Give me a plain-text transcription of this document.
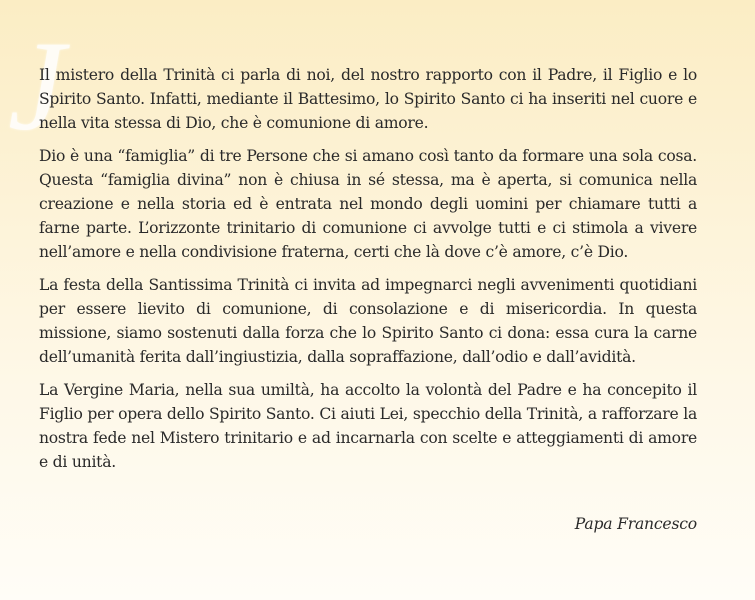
J

Il mistero della Trinità ci parla di noi, del nostro rapporto con il Padre, il Figlio e lo Spirito Santo. Infatti, mediante il Battesimo, lo Spirito Santo ci ha inseriti nel cuore e nella vita stessa di Dio, che è comunione di amore.

Dio è una “famiglia” di tre Persone che si amano così tanto da formare una sola cosa. Questa “famiglia divina” non è chiusa in sé stessa, ma è aperta, si comunica nella creazione e nella storia ed è entrata nel mondo degli uomini per chiamare tutti a farne parte. L’orizzonte trinitario di comunione ci avvolge tutti e ci stimola a vivere nell’amore e nella condivisione fraterna, certi che là dove c’è amore, c’è Dio.

La festa della Santissima Trinità ci invita ad impegnarci negli avvenimenti quotidiani per essere lievito di comunione, di consolazione e di misericordia. In questa missione, siamo sostenuti dalla forza che lo Spirito Santo ci dona: essa cura la carne dell’umanità ferita dall’ingiustizia, dalla sopraffazione, dall’odio e dall’avidità.

La Vergine Maria, nella sua umiltà, ha accolto la volontà del Padre e ha concepito il Figlio per opera dello Spirito Santo. Ci aiuti Lei, specchio della Trinità, a rafforzare la nostra fede nel Mistero trinitario e ad incarnarla con scelte e atteggiamenti di amore e di unità.

Papa Francesco
